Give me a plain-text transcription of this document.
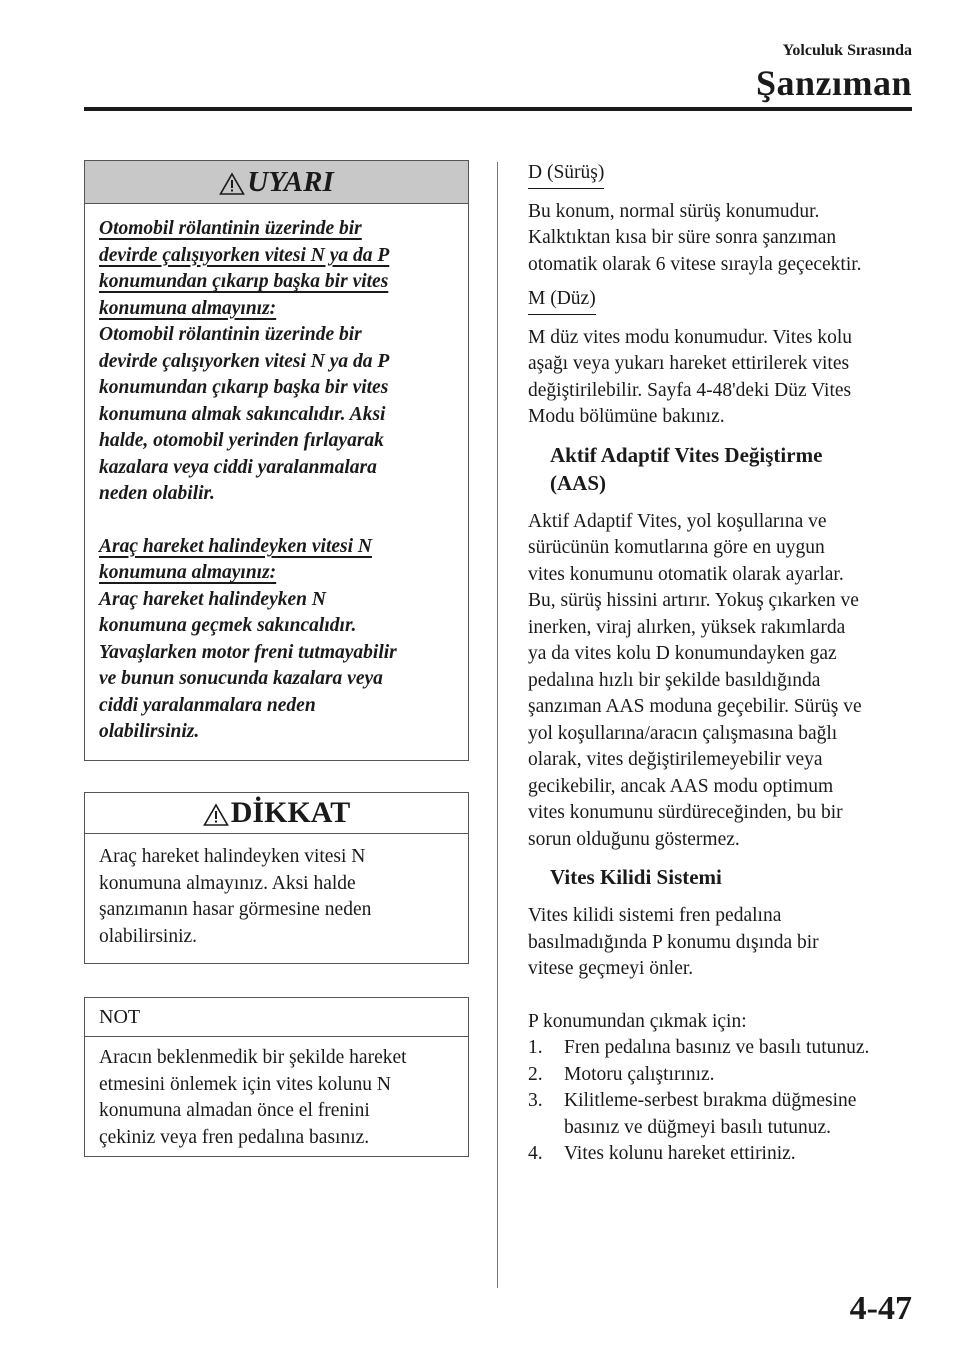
Yolculuk Sırasında
Şanzıman
UYARI

Otomobil rölantinin üzerinde bir

devirde çalışıyorken vitesi N ya da P

konumundan çıkarıp başka bir vites

konumuna almayınız:

Otomobil rölantinin üzerinde bir

devirde çalışıyorken vitesi N ya da P

konumundan çıkarıp başka bir vites

konumuna almak sakıncalıdır. Aksi

halde, otomobil yerinden fırlayarak

kazalara veya ciddi yaralanmalara

neden olabilir.

Araç hareket halindeyken vitesi N

konumuna almayınız:

Araç hareket halindeyken N

konumuna geçmek sakıncalıdır.

Yavaşlarken motor freni tutmayabilir

ve bunun sonucunda kazalara veya

ciddi yaralanmalara neden

olabilirsiniz.

DİKKAT

Araç hareket halindeyken vitesi N

konumuna almayınız. Aksi halde

şanzımanın hasar görmesine neden

olabilirsiniz.

NOT

Aracın beklenmedik bir şekilde hareket

etmesini önlemek için vites kolunu N

konumuna almadan önce el frenini

çekiniz veya fren pedalına basınız.

D (Sürüş)

Bu konum, normal sürüş konumudur.

Kalktıktan kısa bir süre sonra şanzıman

otomatik olarak 6 vitese sırayla geçecektir.

M (Düz)

M düz vites modu konumudur. Vites kolu

aşağı veya yukarı hareket ettirilerek vites

değiştirilebilir. Sayfa 4-48'deki Düz Vites

Modu bölümüne bakınız.

Aktif Adaptif Vites Değiştirme

(AAS)

Aktif Adaptif Vites, yol koşullarına ve

sürücünün komutlarına göre en uygun

vites konumunu otomatik olarak ayarlar.

Bu, sürüş hissini artırır. Yokuş çıkarken ve

inerken, viraj alırken, yüksek rakımlarda

ya da vites kolu D konumundayken gaz

pedalına hızlı bir şekilde basıldığında

şanzıman AAS moduna geçebilir. Sürüş ve

yol koşullarına/aracın çalışmasına bağlı

olarak, vites değiştirilemeyebilir veya

gecikebilir, ancak AAS modu optimum

vites konumunu sürdüreceğinden, bu bir

sorun olduğunu göstermez.

Vites Kilidi Sistemi

Vites kilidi sistemi fren pedalına

basılmadığında P konumu dışında bir

vitese geçmeyi önler.

P konumundan çıkmak için:

1. Fren pedalına basınız ve basılı tutunuz.
2. Motoru çalıştırınız.
3. Kilitleme-serbest bırakma düğmesine

basınız ve düğmeyi basılı tutunuz.

4. Vites kolunu hareket ettiriniz.
4-47
